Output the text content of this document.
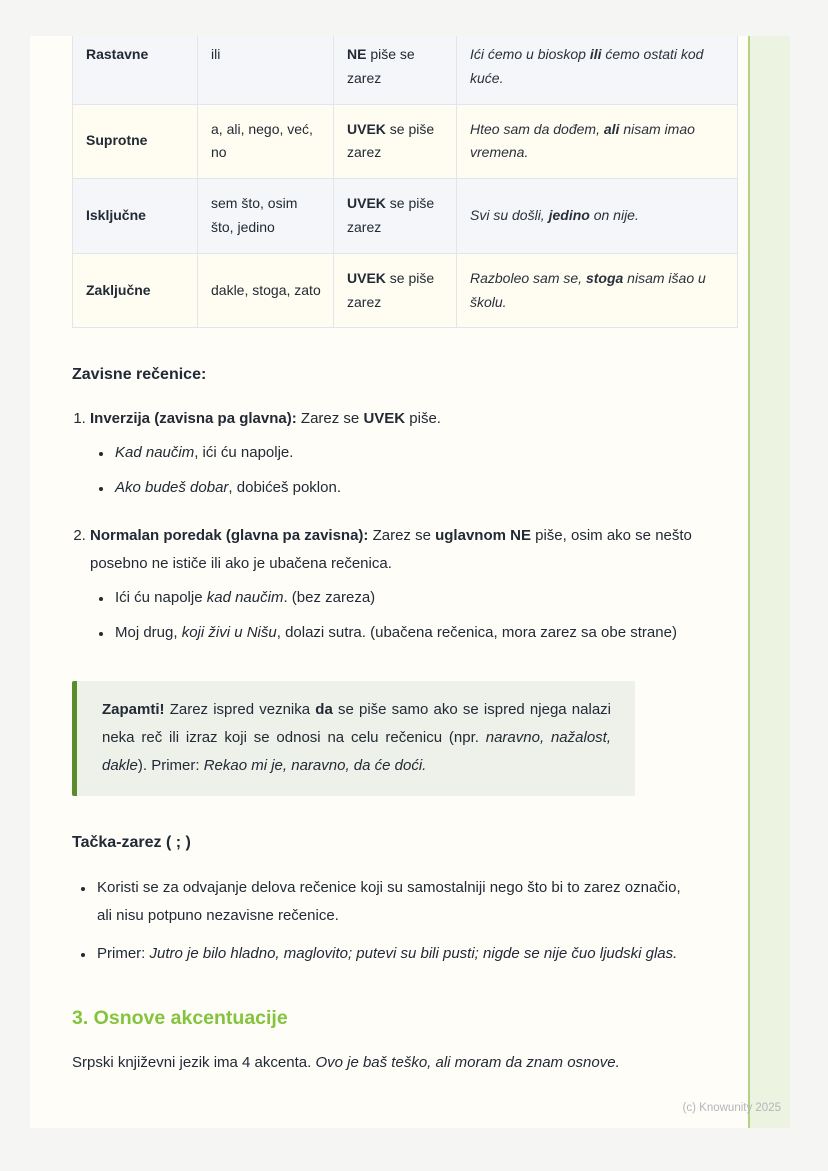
Rastavne	ili	NE piše se zarez	Ići ćemo u bioskop ili ćemo ostati kod kuće.
Suprotne	a, ali, nego, već, no	UVEK se piše zarez	Hteo sam da dođem, ali nisam imao vremena.
Isključne	sem što, osim što, jedino	UVEK se piše zarez	Svi su došli, jedino on nije.
Zaključne	dakle, stoga, zato	UVEK se piše zarez	Razboleo sam se, stoga nisam išao u školu.
Zavisne rečenice:
1. Inverzija (zavisna pa glavna): Zarez se UVEK piše.
• Kad naučim, ići ću napolje.
• Ako budeš dobar, dobićeš poklon.
2. Normalan poredak (glavna pa zavisna): Zarez se uglavnom NE piše, osim ako se nešto posebno ne ističe ili ako je ubačena rečenica.
• Ići ću napolje kad naučim. (bez zareza)
• Moj drug, koji živi u Nišu, dolazi sutra. (ubačena rečenica, mora zarez sa obe strane)
Zapamti! Zarez ispred veznika da se piše samo ako se ispred njega nalazi neka reč ili izraz koji se odnosi na celu rečenicu (npr. naravno, nažalost, dakle). Primer: Rekao mi je, naravno, da će doći.
Tačka-zarez ( ; )
• Koristi se za odvajanje delova rečenice koji su samostalniji nego što bi to zarez označio, ali nisu potpuno nezavisne rečenice.
• Primer: Jutro je bilo hladno, maglovito; putevi su bili pusti; nigde se nije čuo ljudski glas.
3. Osnove akcentuacije

Srpski književni jezik ima 4 akcenta. Ovo je baš teško, ali moram da znam osnove.

(c) Knowunity 2025
